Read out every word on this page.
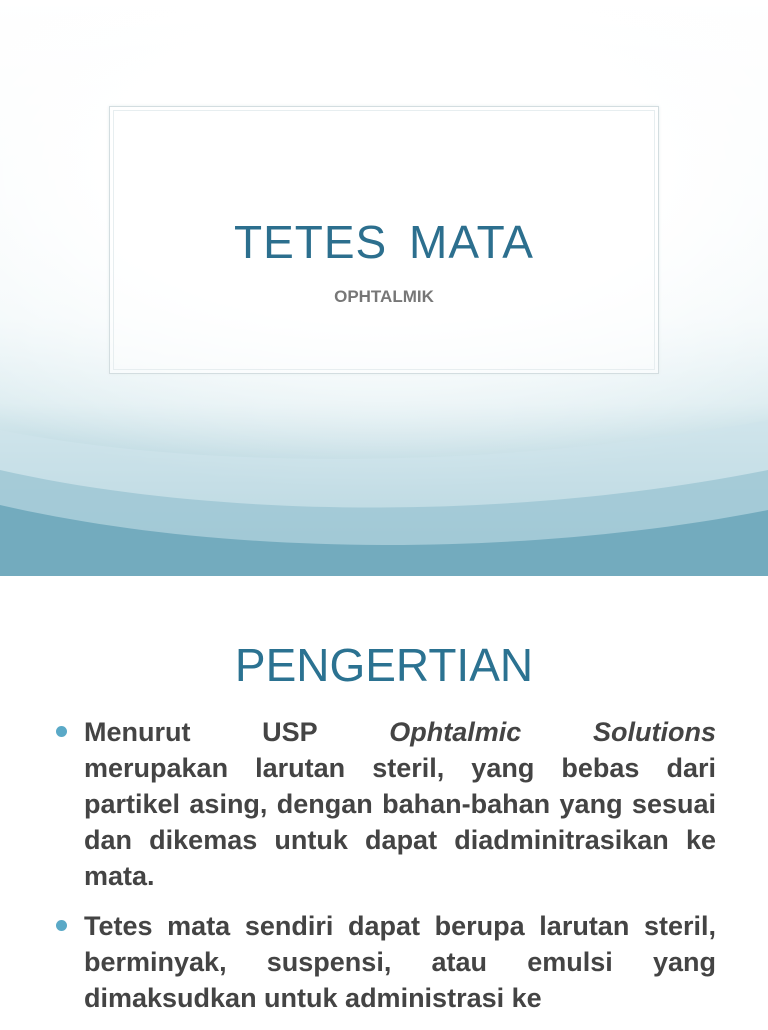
TETES MATA
OPHTALMIK
PENGERTIAN
Menurut	USP	Ophtalmic	Solutions
merupakan larutan steril, yang bebas dari partikel asing, dengan bahan-bahan yang sesuai dan dikemas untuk dapat diadminitrasikan ke mata.
Tetes mata sendiri dapat berupa larutan steril, berminyak, suspensi, atau emulsi yang dimaksudkan untuk administrasi ke
